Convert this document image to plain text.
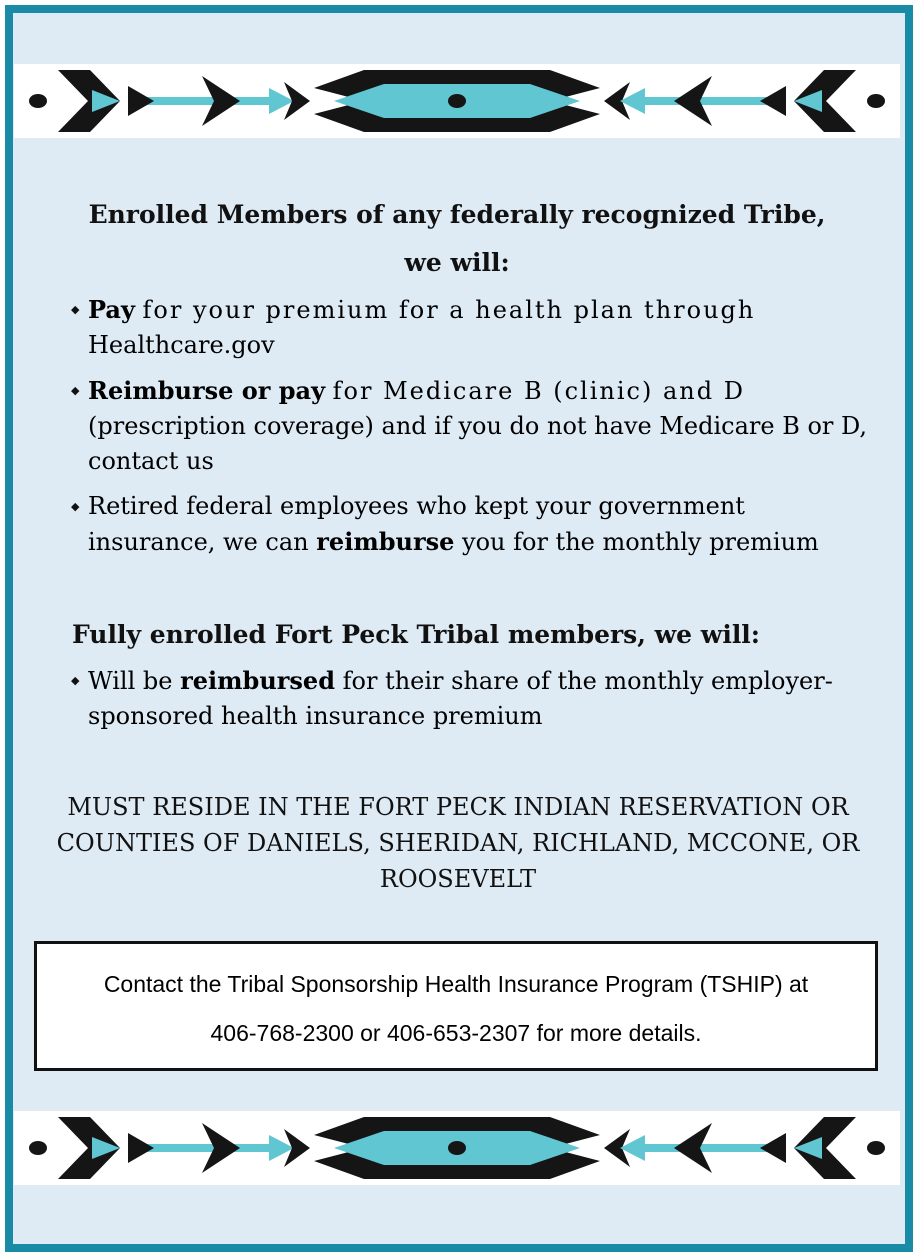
Enrolled Members of any federally recognized Tribe,
we will:
◆ Pay for your premium for a health plan through Healthcare.gov
◆ Reimburse or pay for Medicare B (clinic) and D (prescription coverage) and if you do not have Medicare B or D, contact us
◆ Retired federal employees who kept your government insurance, we can reimburse you for the monthly premium
Fully enrolled Fort Peck Tribal members, we will:
◆ Will be reimbursed for their share of the monthly employer-sponsored health insurance premium
MUST RESIDE IN THE FORT PECK INDIAN RESERVATION OR COUNTIES OF DANIELS, SHERIDAN, RICHLAND, MCCONE, OR ROOSEVELT
Contact the Tribal Sponsorship Health Insurance Program (TSHIP) at
406-768-2300 or 406-653-2307 for more details.
